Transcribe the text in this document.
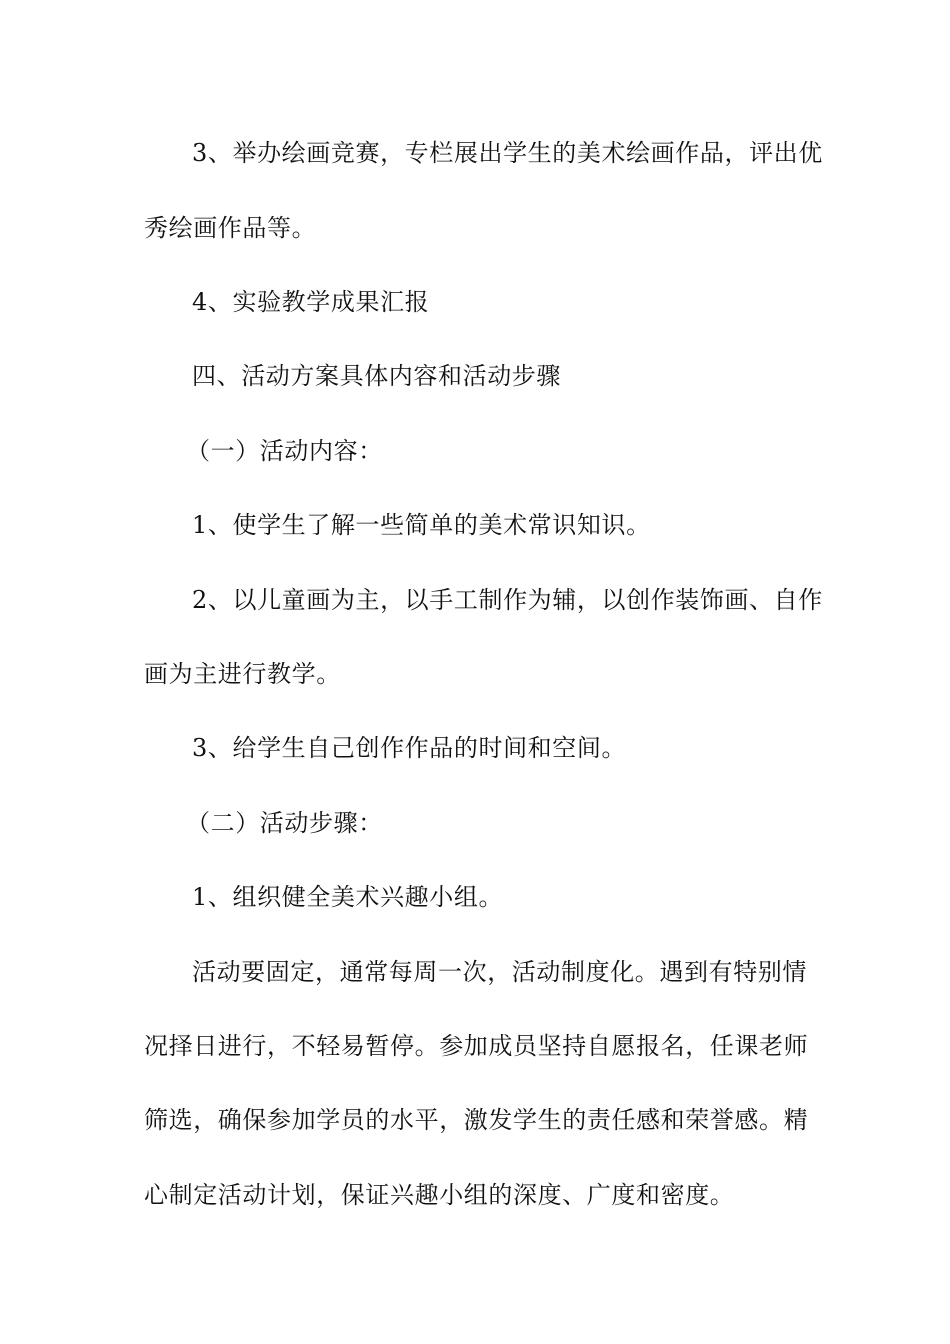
3、举办绘画竞赛，专栏展出学生的美术绘画作品，评出优
秀绘画作品等。
4、实验教学成果汇报
四、活动方案具体内容和活动步骤
（一）活动内容：
1、使学生了解一些简单的美术常识知识。
2、以儿童画为主，以手工制作为辅，以创作装饰画、自作
画为主进行教学。
3、给学生自己创作作品的时间和空间。
（二）活动步骤：
1、组织健全美术兴趣小组。
活动要固定，通常每周一次，活动制度化。遇到有特别情
况择日进行，不轻易暂停。参加成员坚持自愿报名，任课老师
筛选，确保参加学员的水平，激发学生的责任感和荣誉感。精
心制定活动计划，保证兴趣小组的深度、广度和密度。
